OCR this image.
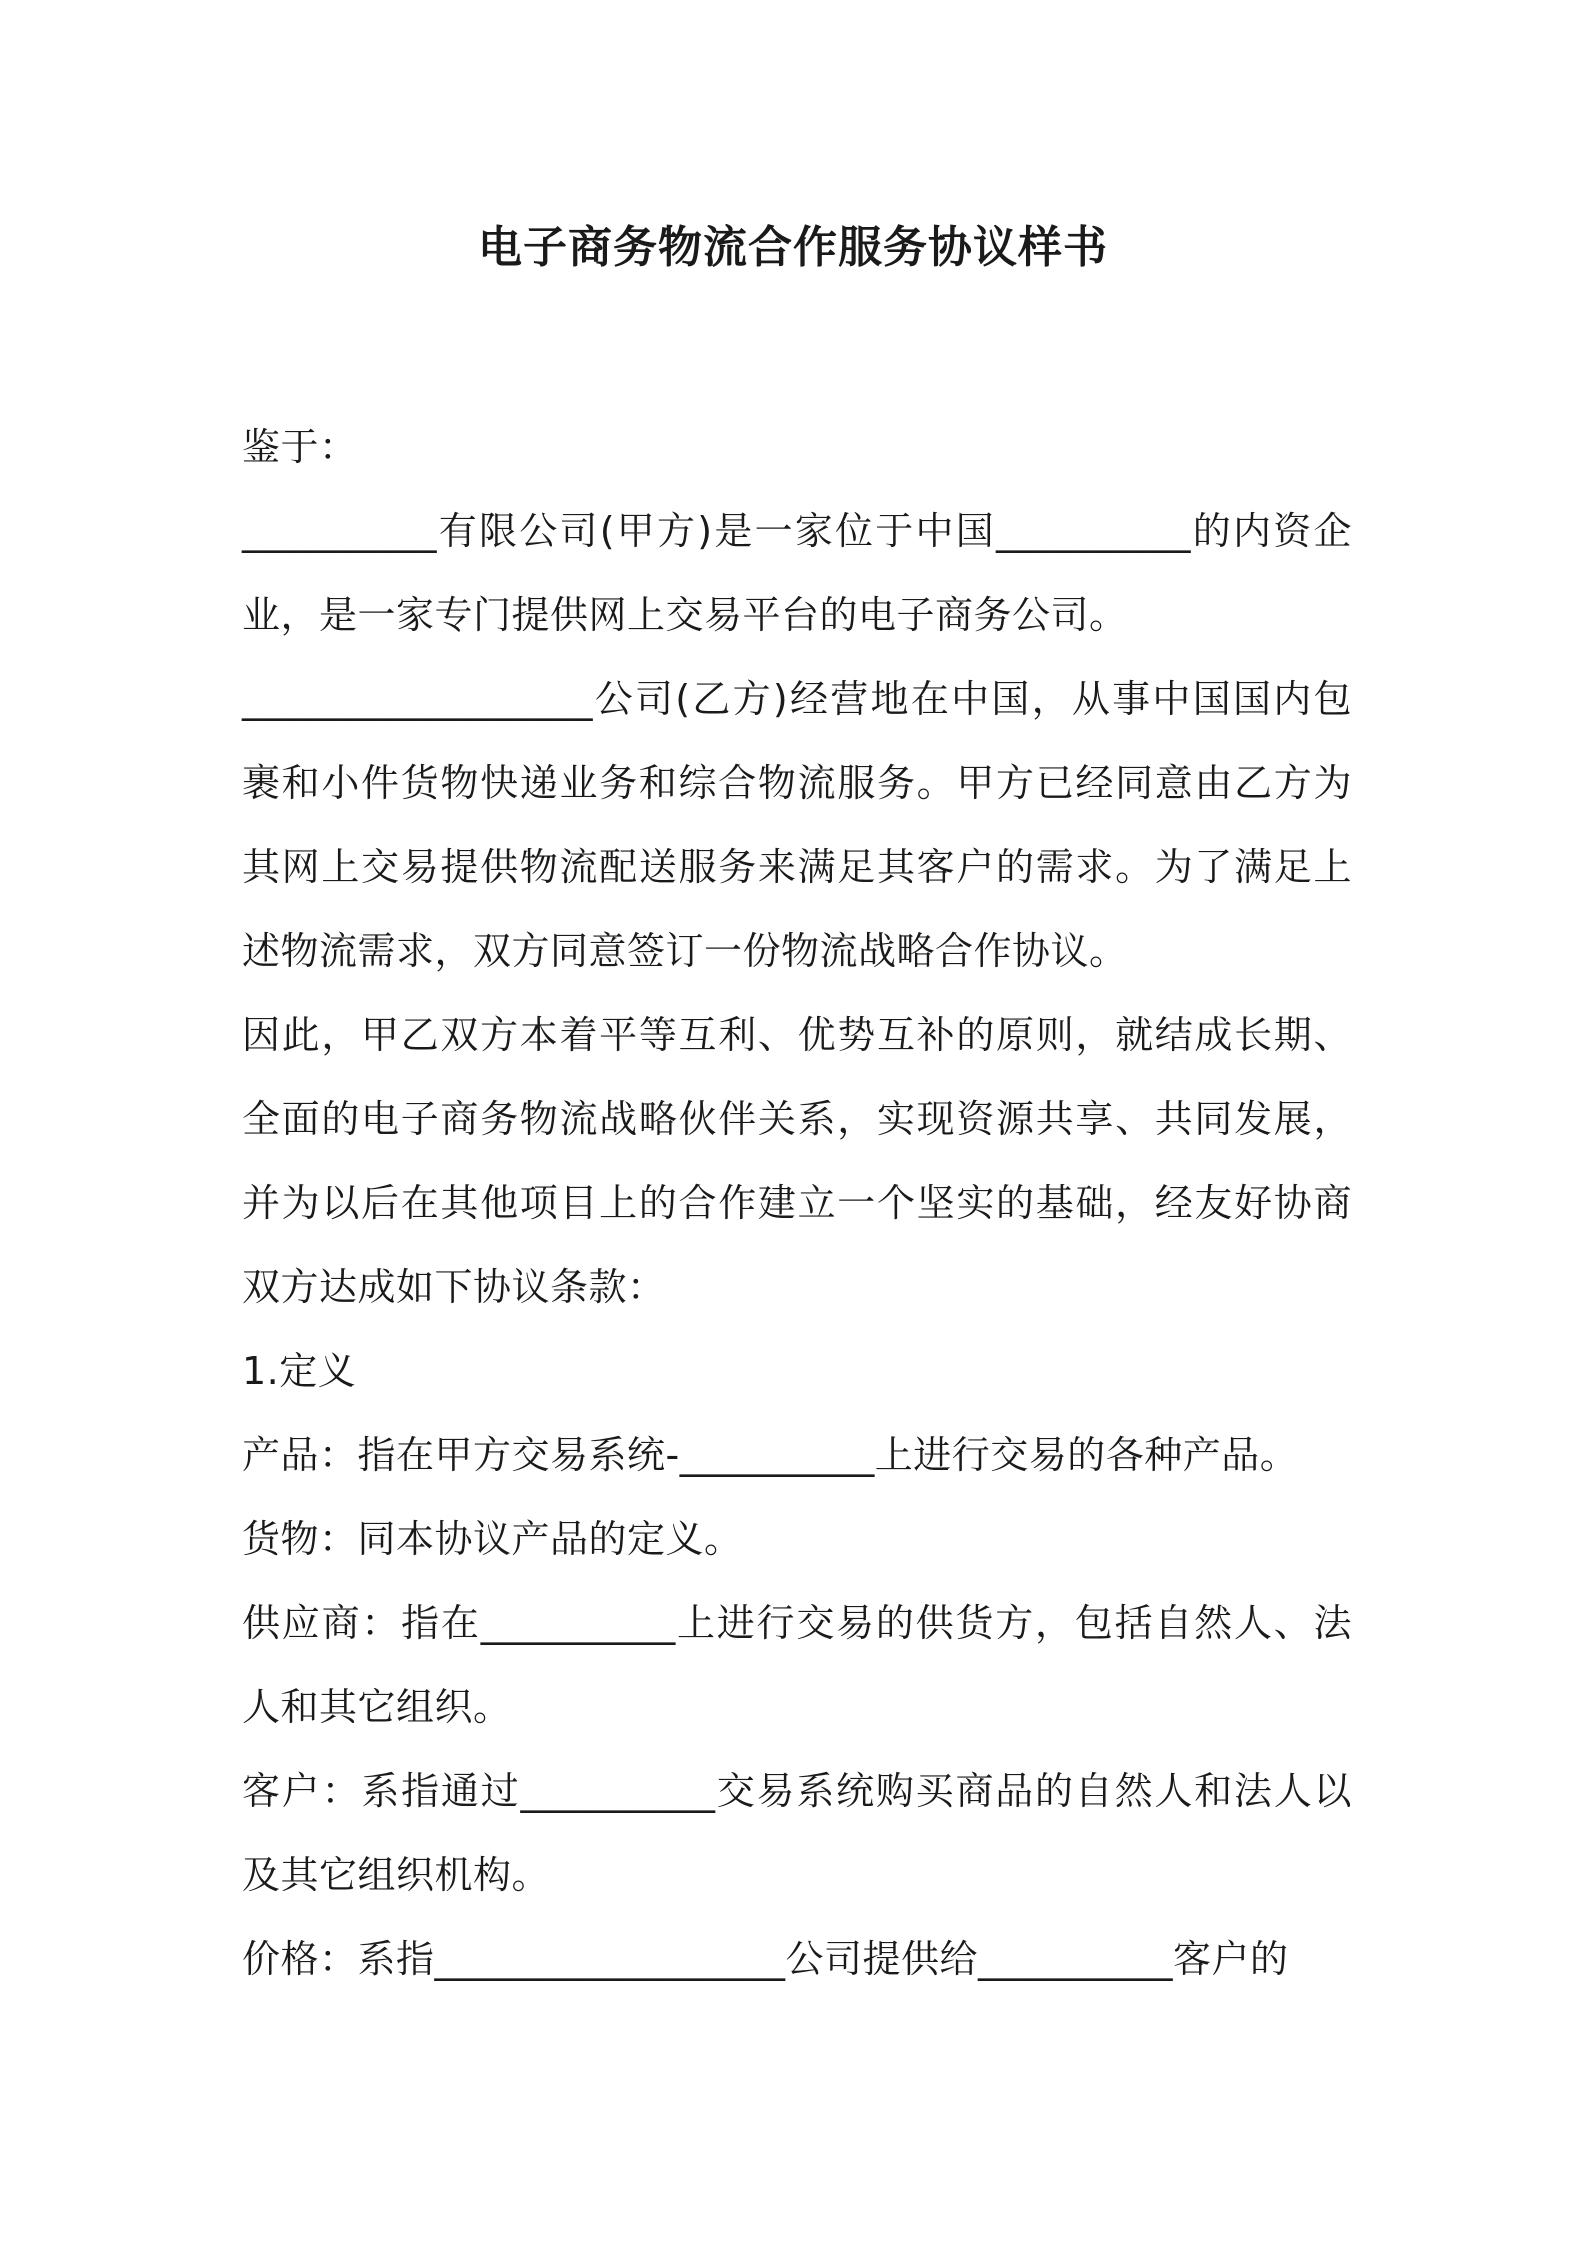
电子商务物流合作服务协议样书

鉴于：

__________有限公司(甲方)是一家位于中国__________的内资企业，是一家专门提供网上交易平台的电子商务公司。

__________________公司(乙方)经营地在中国，从事中国国内包裹和小件货物快递业务和综合物流服务。甲方已经同意由乙方为其网上交易提供物流配送服务来满足其客户的需求。为了满足上述物流需求，双方同意签订一份物流战略合作协议。

因此，甲乙双方本着平等互利、优势互补的原则，就结成长期、全面的电子商务物流战略伙伴关系，实现资源共享、共同发展，并为以后在其他项目上的合作建立一个坚实的基础，经友好协商双方达成如下协议条款：

1.定义

产品：指在甲方交易系统-__________上进行交易的各种产品。

货物：同本协议产品的定义。

供应商：指在__________上进行交易的供货方，包括自然人、法人和其它组织。

客户：系指通过__________交易系统购买商品的自然人和法人以及其它组织机构。

价格：系指__________________公司提供给__________客户的
